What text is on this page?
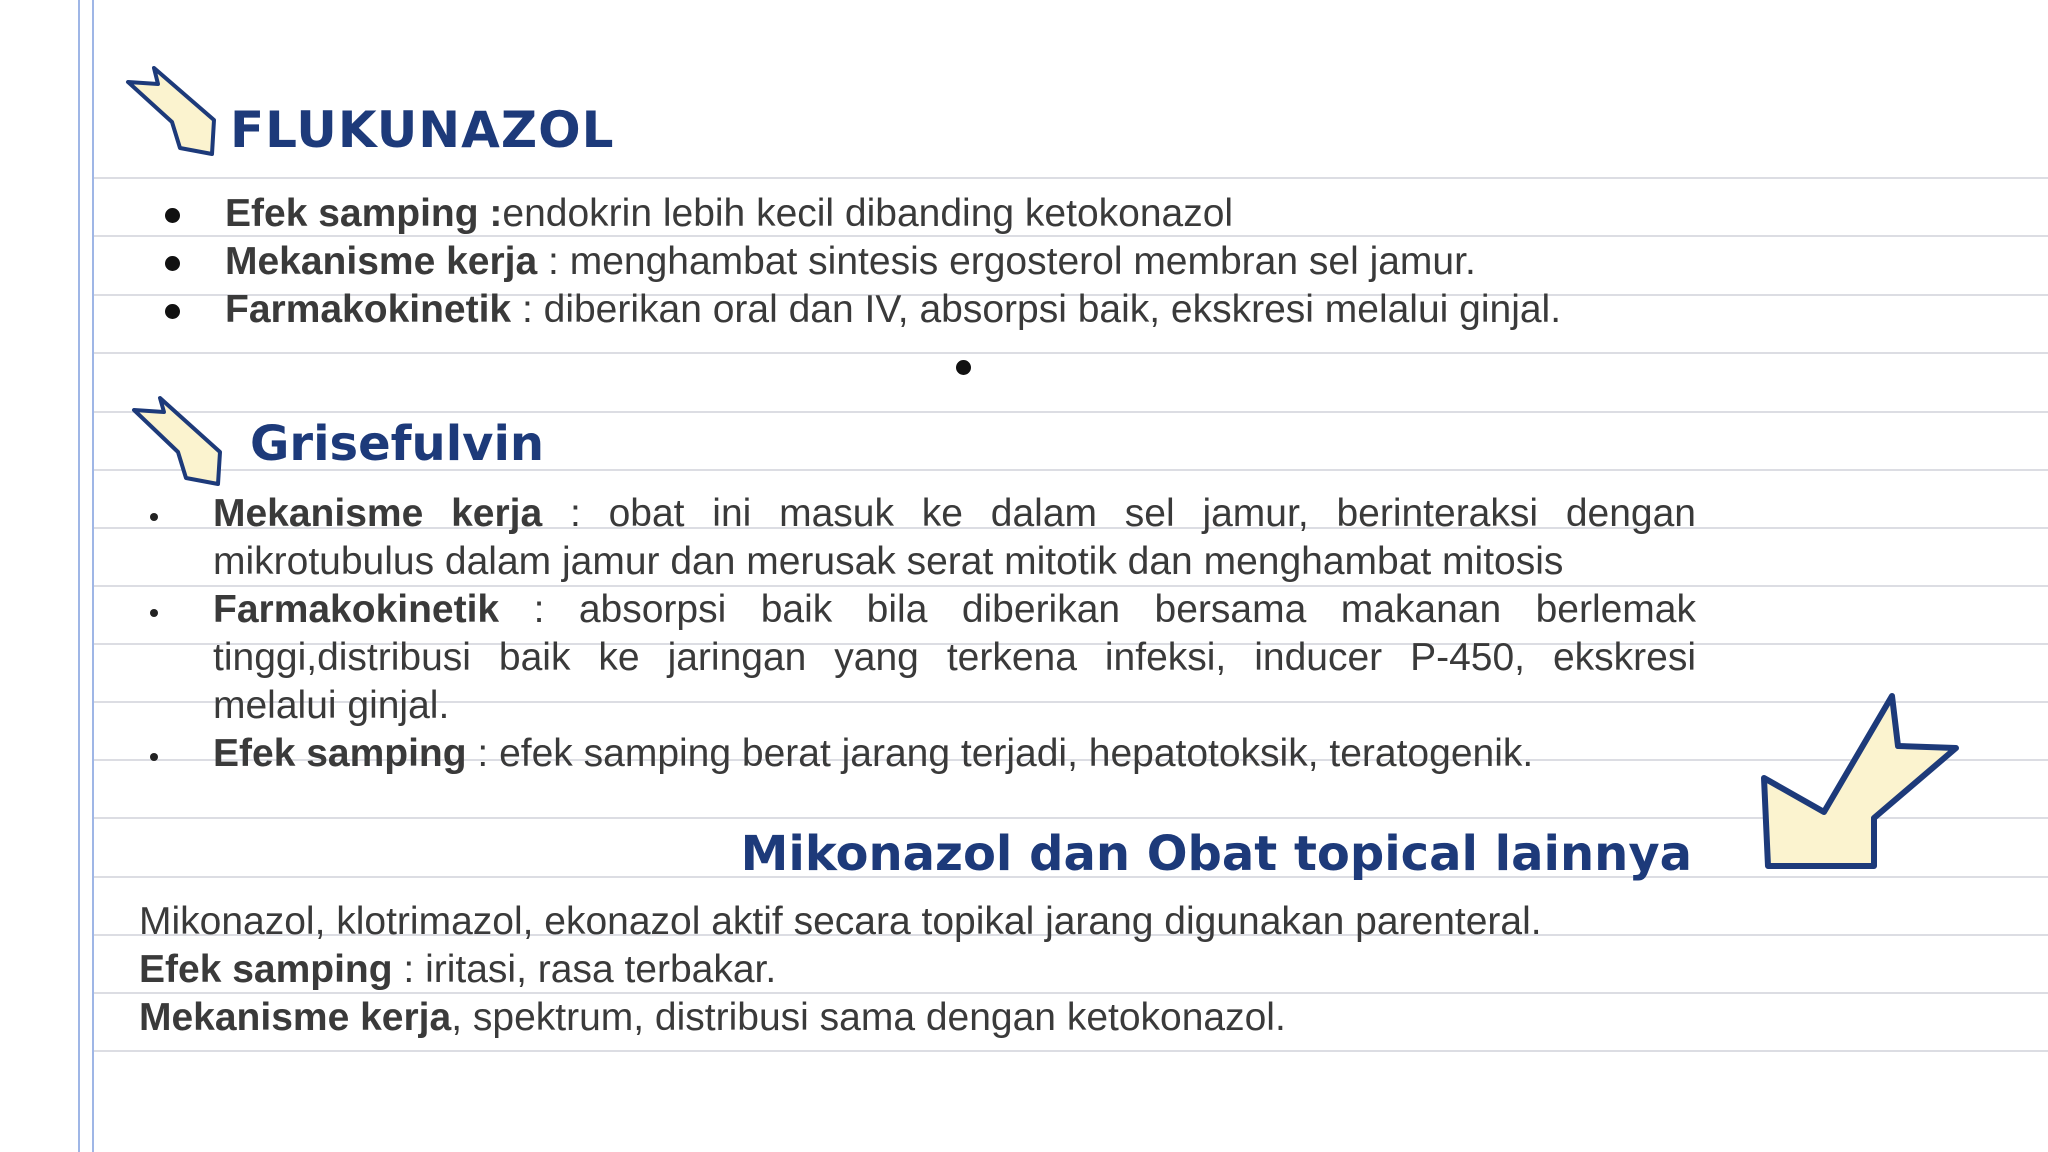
FLUKUNAZOL
Efek samping :endokrin lebih kecil dibanding ketokonazol
Mekanisme kerja : menghambat sintesis ergosterol membran sel jamur.
Farmakokinetik : diberikan oral dan IV, absorpsi baik, ekskresi melalui ginjal.
Grisefulvin
Mekanisme kerja : obat ini masuk ke dalam sel jamur, berinteraksi dengan
mikrotubulus dalam jamur dan merusak serat mitotik dan menghambat mitosis
Farmakokinetik : absorpsi baik bila diberikan bersama makanan berlemak
tinggi,distribusi baik ke jaringan yang terkena infeksi, inducer P-450, ekskresi
melalui ginjal.
Efek samping : efek samping berat jarang terjadi, hepatotoksik, teratogenik.
Mikonazol dan Obat topical lainnya
Mikonazol, klotrimazol, ekonazol aktif secara topikal jarang digunakan parenteral.
Efek samping : iritasi, rasa terbakar.
Mekanisme kerja, spektrum, distribusi sama dengan ketokonazol.
